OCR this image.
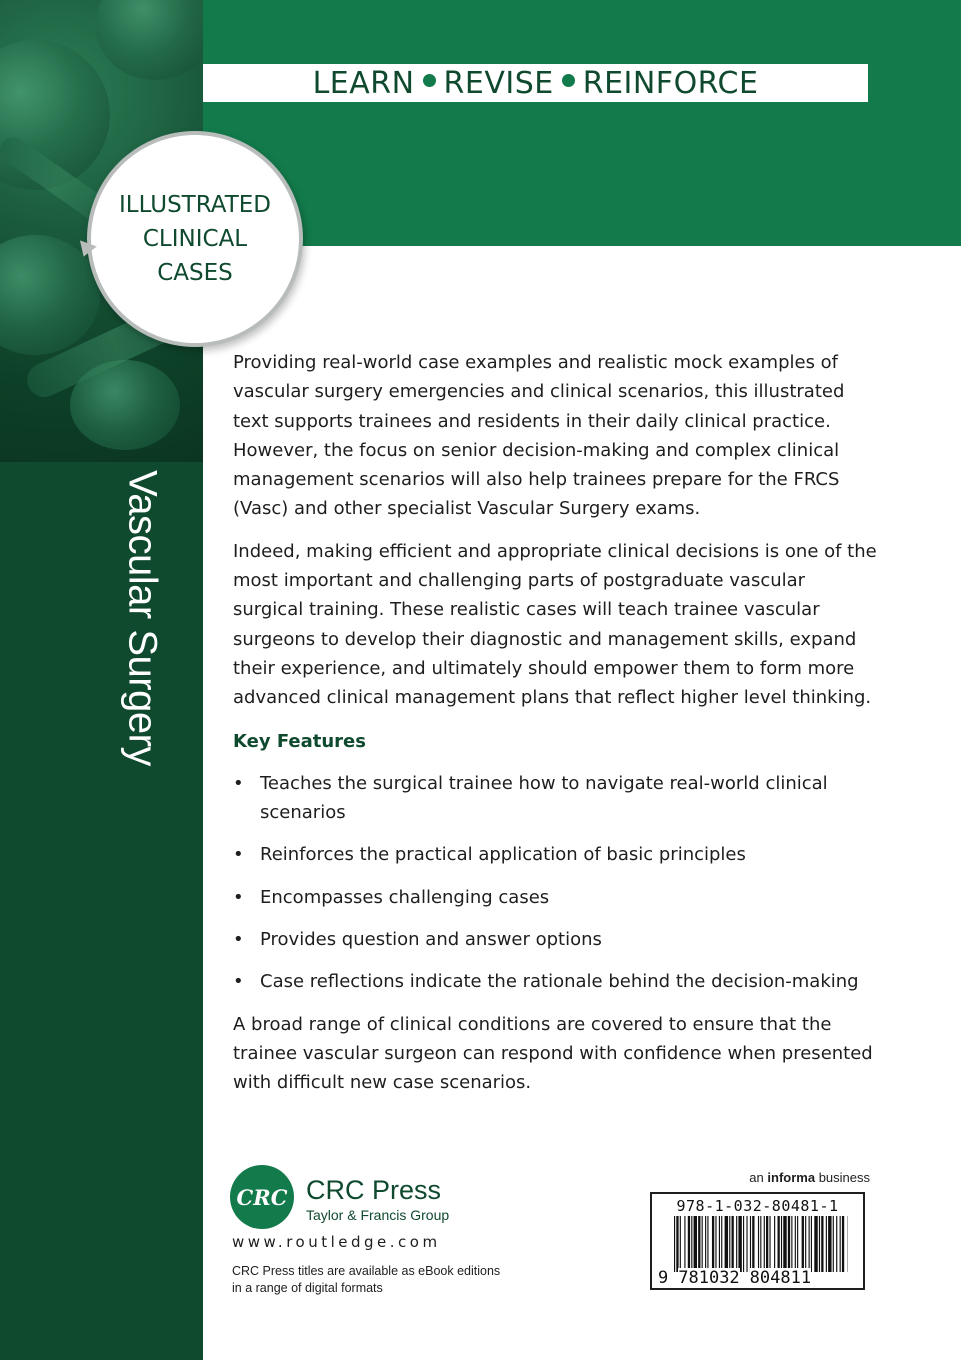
Vascular Surgery
LEARN REVISE REINFORCE
ILLUSTRATED
CLINICAL
CASES

Providing real-world case examples and realistic mock examples of vascular surgery emergencies and clinical scenarios, this illustrated text supports trainees and residents in their daily clinical practice. However, the focus on senior decision-making and complex clinical management scenarios will also help trainees prepare for the FRCS (Vasc) and other specialist Vascular Surgery exams.

Indeed, making efficient and appropriate clinical decisions is one of the most important and challenging parts of postgraduate vascular surgical training. These realistic cases will teach trainee vascular surgeons to develop their diagnostic and management skills, expand their experience, and ultimately should empower them to form more advanced clinical management plans that reflect higher level thinking.

Key Features
• Teaches the surgical trainee how to navigate real-world clinical scenarios
• Reinforces the practical application of basic principles
• Encompasses challenging cases
• Provides question and answer options
• Case reflections indicate the rationale behind the decision-making

A broad range of clinical conditions are covered to ensure that the trainee vascular surgeon can respond with confidence when presented with difficult new case scenarios.

CRC CRC Press
Taylor & Francis Group
www.routledge.com
CRC Press titles are available as eBook editions
in a range of digital formats
an informa business
978-1-032-80481-1
9 781032 804811
